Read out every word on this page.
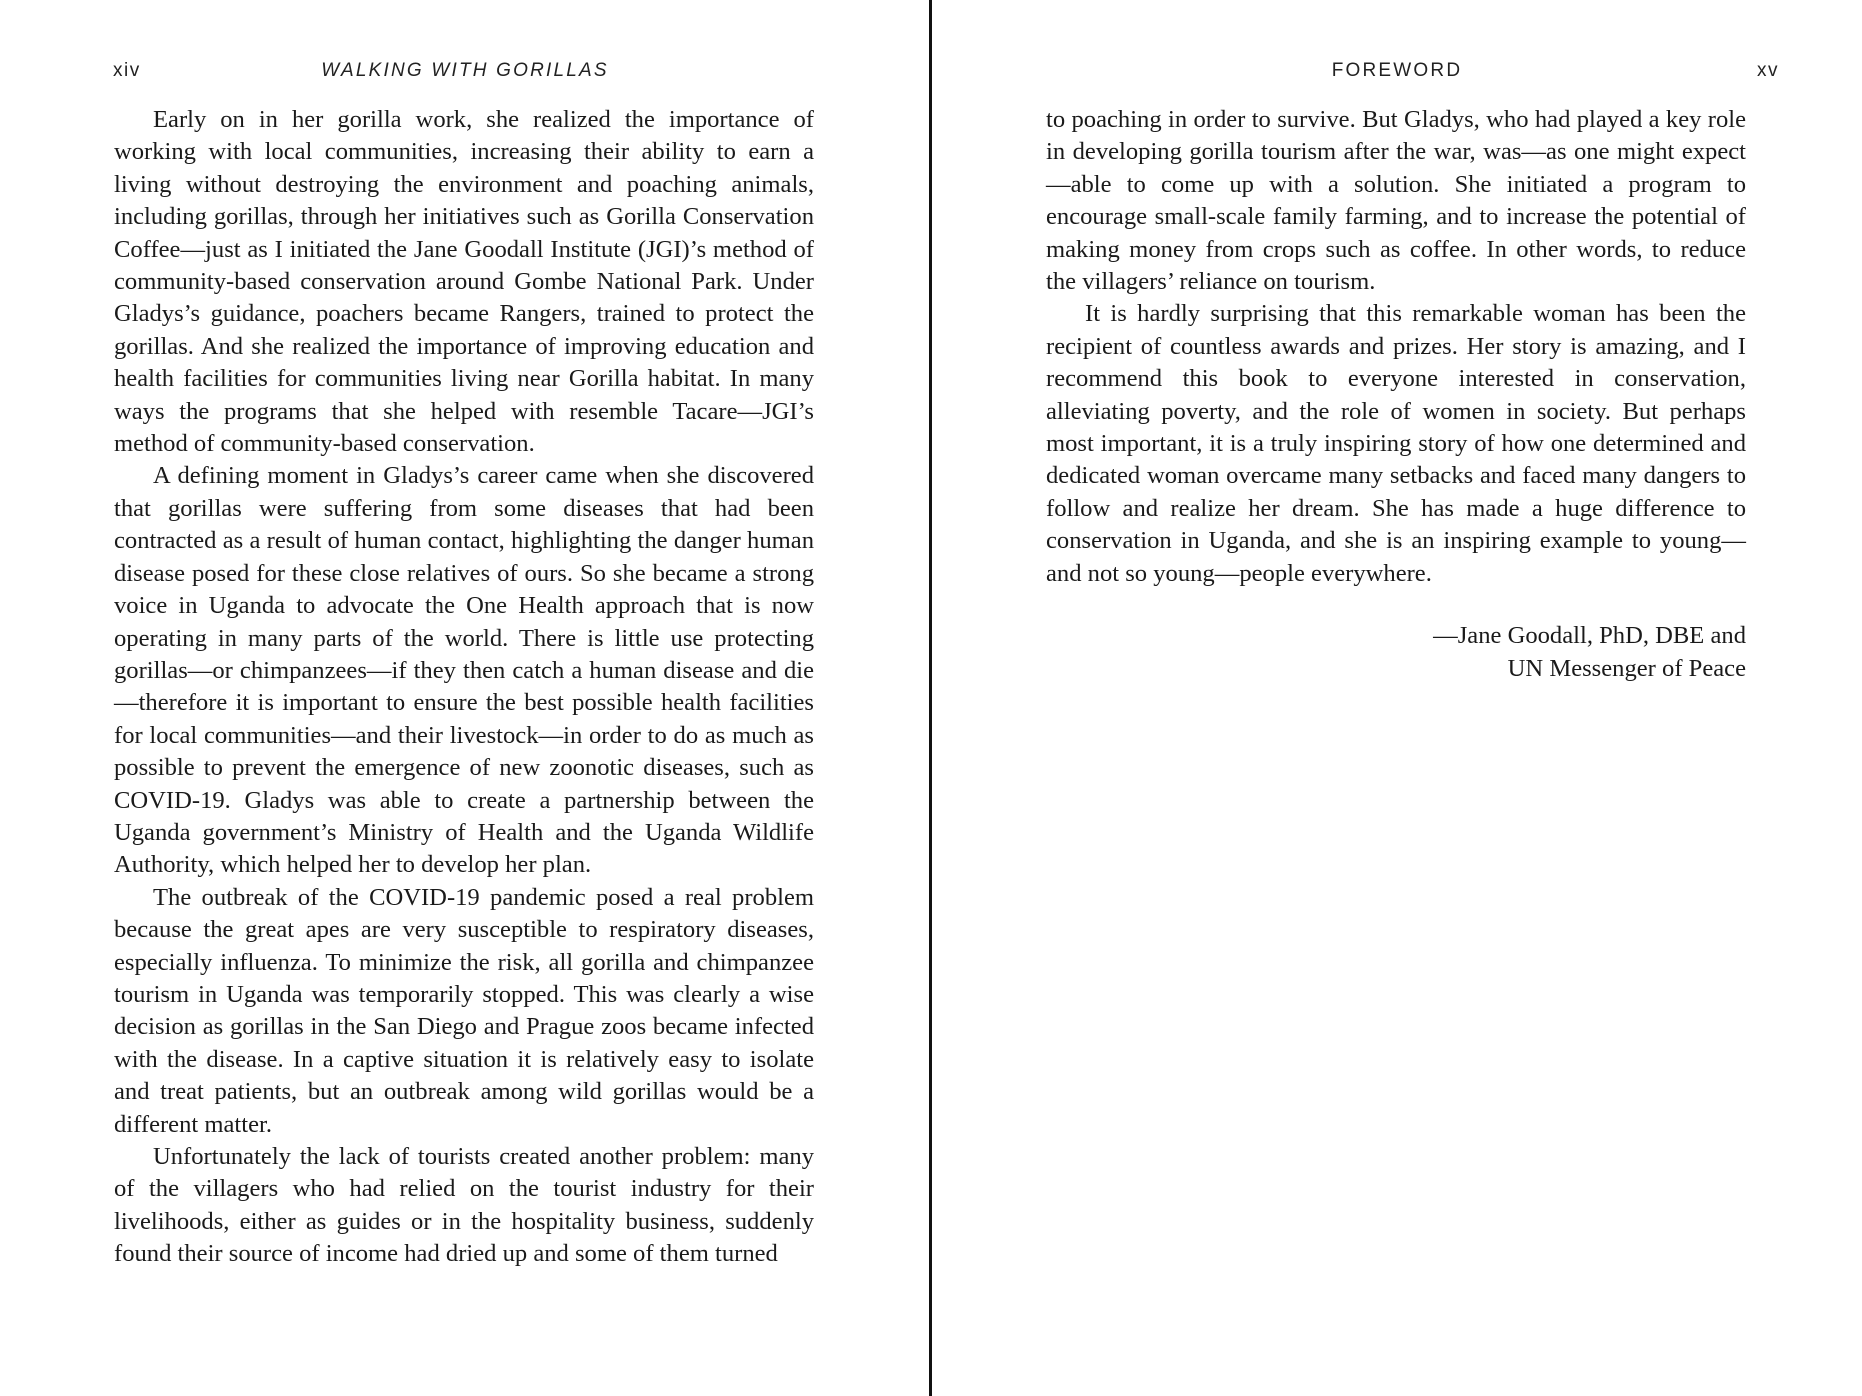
xiv	WALKING WITH GORILLAS

Early on in her gorilla work, she realized the importance of working with local communities, increasing their ability to earn a living without destroying the environment and poaching animals, including gorillas, through her initiatives such as Gorilla Conservation Coffee—just as I initiated the Jane Goodall Institute (JGI)’s method of community-based conservation around Gombe National Park. Under Gladys’s guidance, poachers became Rangers, trained to protect the gorillas. And she realized the importance of improving education and health facilities for communities living near Gorilla habitat. In many ways the programs that she helped with resemble Tacare—JGI’s method of community-based conservation.

A defining moment in Gladys’s career came when she discovered that gorillas were suffering from some diseases that had been contracted as a result of human contact, highlighting the danger human disease posed for these close relatives of ours. So she became a strong voice in Uganda to advocate the One Health approach that is now operating in many parts of the world. There is little use protecting gorillas—or chimpanzees—if they then catch a human disease and die—therefore it is important to ensure the best possible health facilities for local communities—and their livestock—in order to do as much as possible to prevent the emergence of new zoonotic diseases, such as COVID-19. Gladys was able to create a partnership between the Uganda government’s Ministry of Health and the Uganda Wildlife Authority, which helped her to develop her plan.

The outbreak of the COVID-19 pandemic posed a real problem because the great apes are very susceptible to respiratory diseases, especially influenza. To minimize the risk, all gorilla and chimpanzee tourism in Uganda was temporarily stopped. This was clearly a wise decision as gorillas in the San Diego and Prague zoos became infected with the disease. In a captive situation it is relatively easy to isolate and treat patients, but an outbreak among wild gorillas would be a different matter.

Unfortunately the lack of tourists created another problem: many of the villagers who had relied on the tourist industry for their livelihoods, either as guides or in the hospitality business, suddenly found their source of income had dried up and some of them turned

FOREWORD	xv

to poaching in order to survive. But Gladys, who had played a key role in developing gorilla tourism after the war, was—as one might expect—able to come up with a solution. She initiated a program to encourage small-scale family farming, and to increase the potential of making money from crops such as coffee. In other words, to reduce the villagers’ reliance on tourism.

It is hardly surprising that this remarkable woman has been the recipient of countless awards and prizes. Her story is amazing, and I recommend this book to everyone interested in conservation, alleviating poverty, and the role of women in society. But perhaps most important, it is a truly inspiring story of how one determined and dedicated woman overcame many setbacks and faced many dangers to follow and realize her dream. She has made a huge difference to conservation in Uganda, and she is an inspiring example to young—and not so young—people everywhere.

—Jane Goodall, PhD, DBE and
UN Messenger of Peace
